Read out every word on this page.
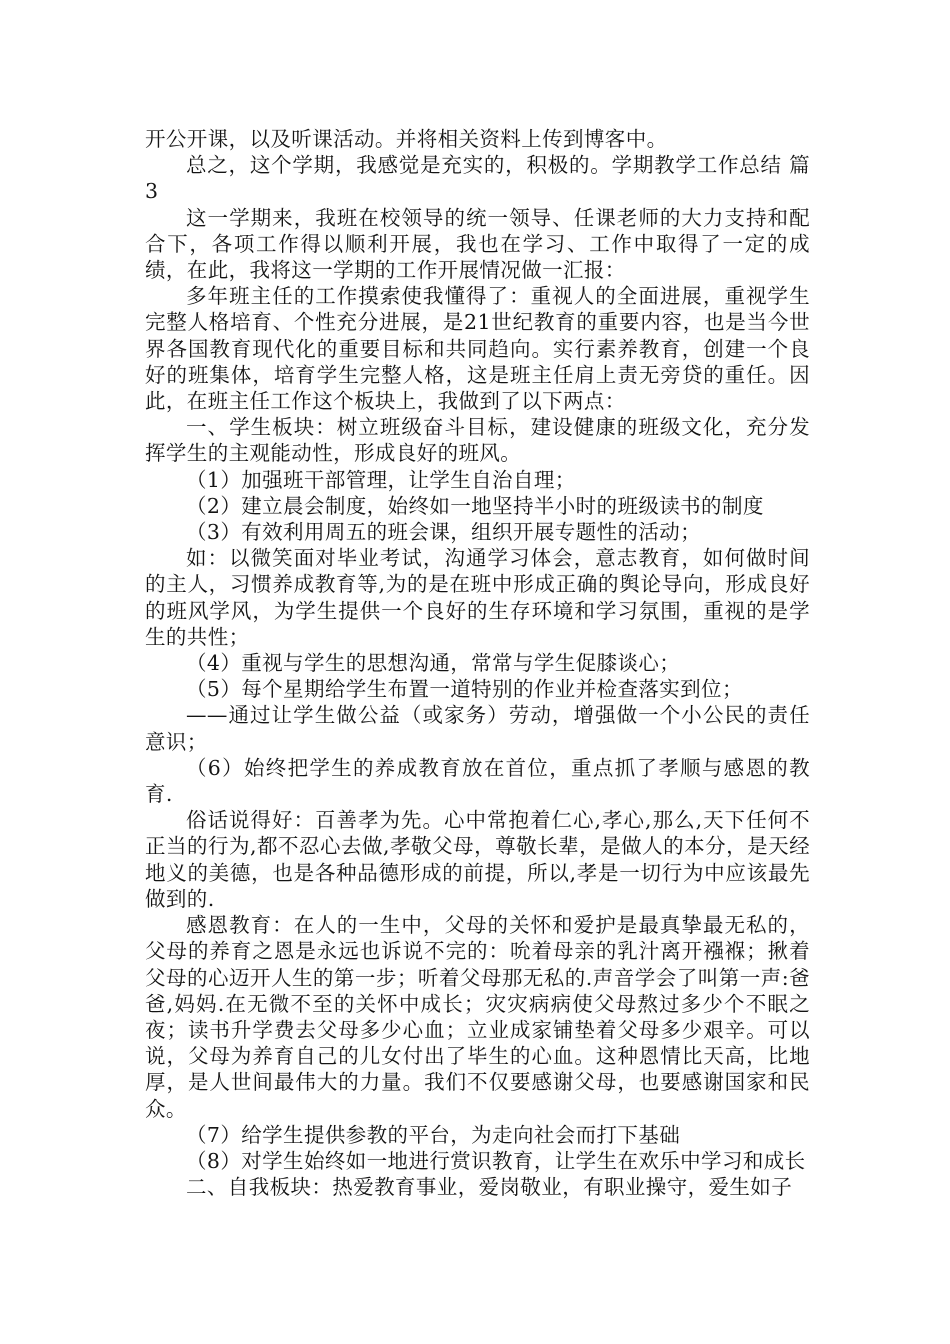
开公开课，以及听课活动。并将相关资料上传到博客中。

总之，这个学期，我感觉是充实的，积极的。学期教学工作总结 篇3

这一学期来，我班在校领导的统一领导、任课老师的大力支持和配合下，各项工作得以顺利开展，我也在学习、工作中取得了一定的成绩，在此，我将这一学期的工作开展情况做一汇报：

多年班主任的工作摸索使我懂得了：重视人的全面进展，重视学生完整人格培育、个性充分进展，是21世纪教育的重要内容，也是当今世界各国教育现代化的重要目标和共同趋向。实行素养教育，创建一个良好的班集体，培育学生完整人格，这是班主任肩上责无旁贷的重任。因此，在班主任工作这个板块上，我做到了以下两点：

一、学生板块：树立班级奋斗目标，建设健康的班级文化，充分发挥学生的主观能动性，形成良好的班风。

（1）加强班干部管理，让学生自治自理；

（2）建立晨会制度，始终如一地坚持半小时的班级读书的制度

（3）有效利用周五的班会课，组织开展专题性的活动；

如：以微笑面对毕业考试，沟通学习体会，意志教育，如何做时间的主人，习惯养成教育等,为的是在班中形成正确的舆论导向，形成良好的班风学风，为学生提供一个良好的生存环境和学习氛围，重视的是学生的共性；

（4）重视与学生的思想沟通，常常与学生促膝谈心；

（5）每个星期给学生布置一道特别的作业并检查落实到位；

——通过让学生做公益（或家务）劳动，增强做一个小公民的责任意识；

（6）始终把学生的养成教育放在首位，重点抓了孝顺与感恩的教育.

俗话说得好：百善孝为先。心中常抱着仁心,孝心,那么,天下任何不正当的行为,都不忍心去做,孝敬父母，尊敬长辈，是做人的本分，是天经地义的美德，也是各种品德形成的前提，所以,孝是一切行为中应该最先做到的.

感恩教育：在人的一生中，父母的关怀和爱护是最真挚最无私的，父母的养育之恩是永远也诉说不完的：吮着母亲的乳汁离开襁褓；揪着父母的心迈开人生的第一步；听着父母那无私的.声音学会了叫第一声:爸爸,妈妈.在无微不至的关怀中成长；灾灾病病使父母熬过多少个不眠之夜；读书升学费去父母多少心血；立业成家铺垫着父母多少艰辛。可以说，父母为养育自己的儿女付出了毕生的心血。这种恩情比天高，比地厚，是人世间最伟大的力量。我们不仅要感谢父母，也要感谢国家和民众。

（7）给学生提供参教的平台，为走向社会而打下基础

（8）对学生始终如一地进行赏识教育，让学生在欢乐中学习和成长

二、自我板块：热爱教育事业，爱岗敬业，有职业操守，爱生如子
